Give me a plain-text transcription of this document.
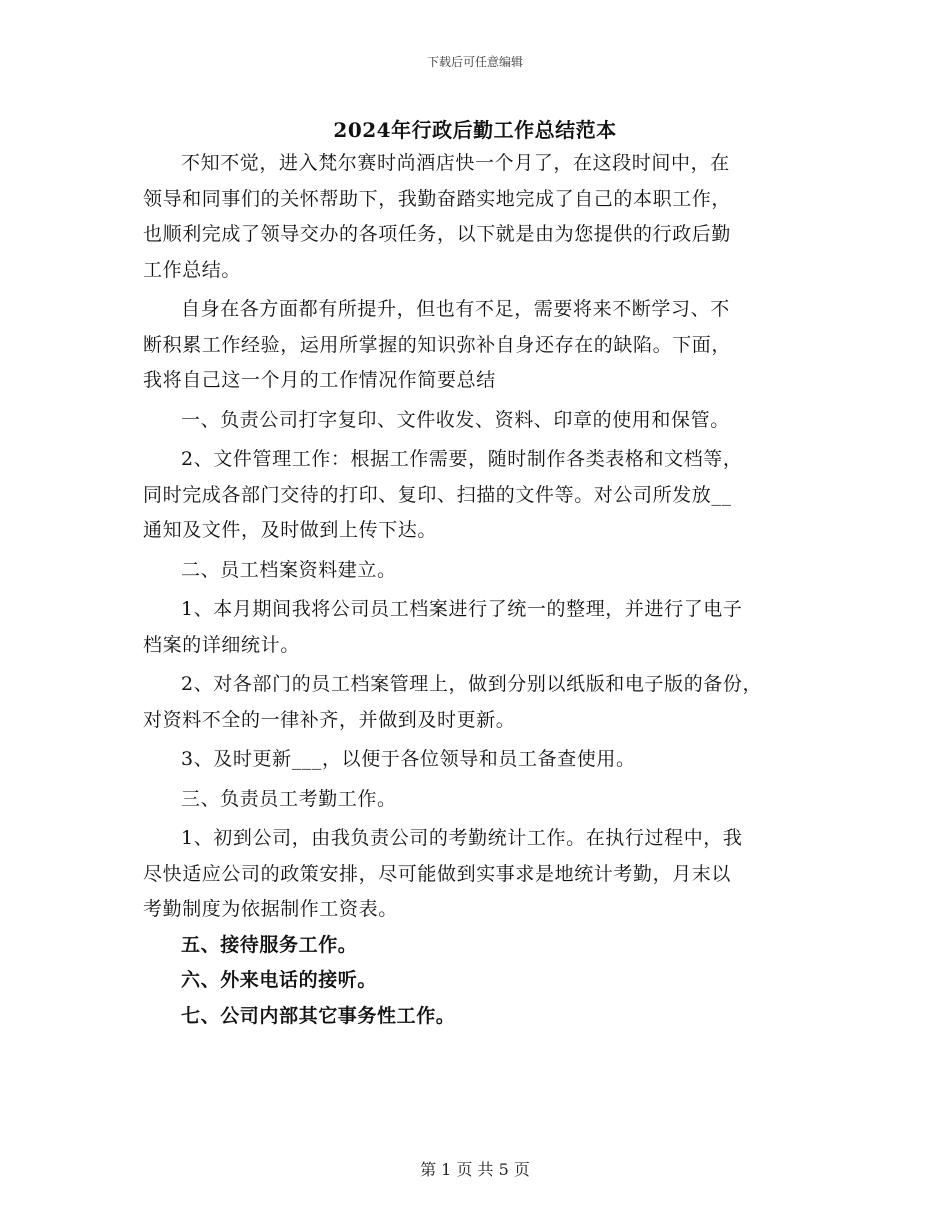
下载后可任意编辑
2024年行政后勤工作总结范本

不知不觉，进入梵尔赛时尚酒店快一个月了，在这段时间中，在
领导和同事们的关怀帮助下，我勤奋踏实地完成了自己的本职工作，
也顺利完成了领导交办的各项任务，以下就是由为您提供的行政后勤
工作总结。

自身在各方面都有所提升，但也有不足，需要将来不断学习、不
断积累工作经验，运用所掌握的知识弥补自身还存在的缺陷。下面，
我将自己这一个月的工作情况作简要总结

一、负责公司打字复印、文件收发、资料、印章的使用和保管。

2、文件管理工作：根据工作需要，随时制作各类表格和文档等，
同时完成各部门交待的打印、复印、扫描的文件等。对公司所发放__
通知及文件，及时做到上传下达。

二、员工档案资料建立。

1、本月期间我将公司员工档案进行了统一的整理，并进行了电子
档案的详细统计。

2、对各部门的员工档案管理上，做到分别以纸版和电子版的备份，
对资料不全的一律补齐，并做到及时更新。

3、及时更新___，以便于各位领导和员工备查使用。

三、负责员工考勤工作。

1、初到公司，由我负责公司的考勤统计工作。在执行过程中，我
尽快适应公司的政策安排，尽可能做到实事求是地统计考勤，月末以
考勤制度为依据制作工资表。

五、接待服务工作。

六、外来电话的接听。

七、公司内部其它事务性工作。

第 1 页 共 5 页
